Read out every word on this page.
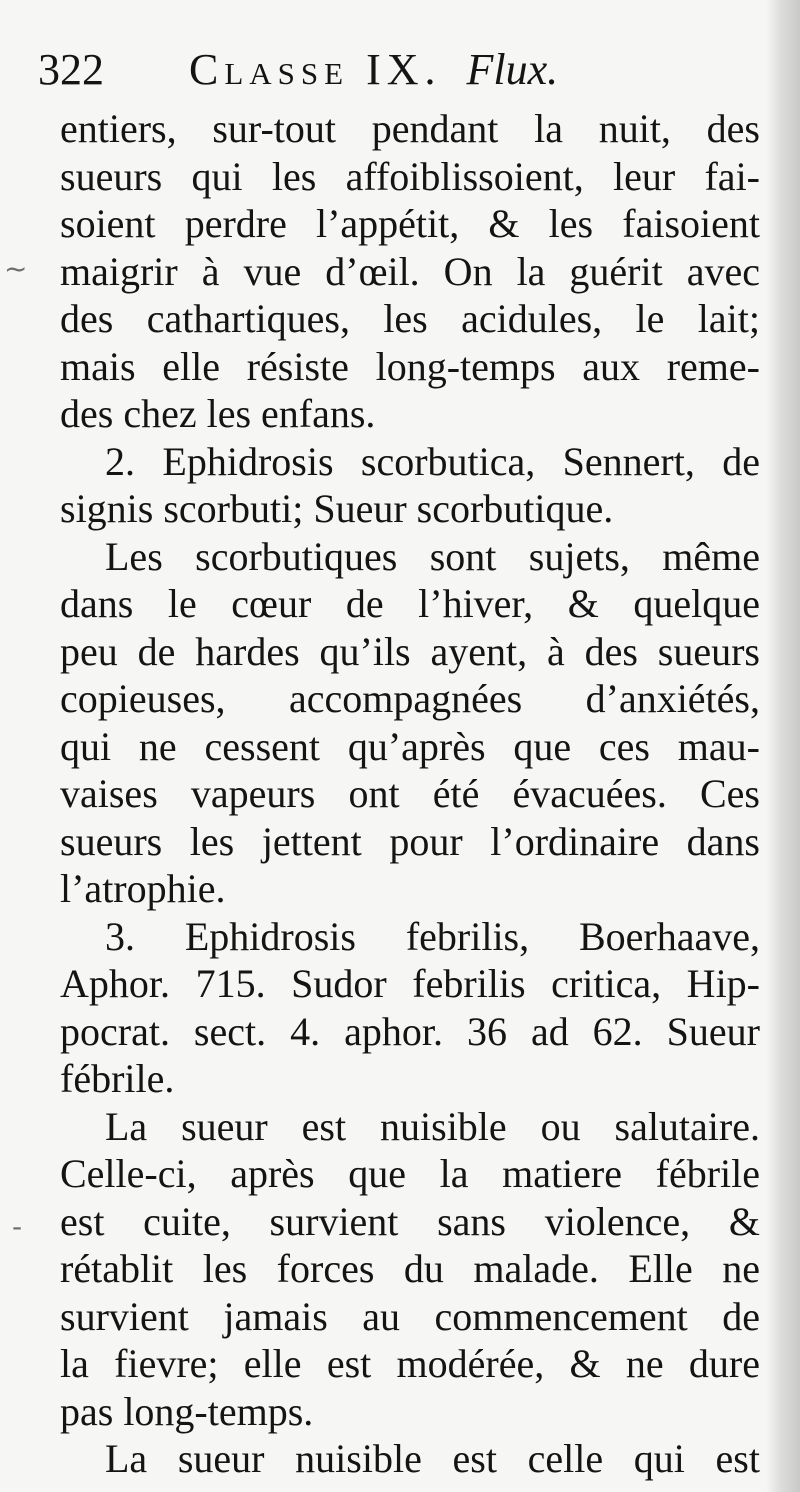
322 Classe IX. Flux.
entiers, sur-tout pendant la nuit, des
sueurs qui les affoiblissoient, leur fai-
soient perdre l’appétit, & les faisoient
maigrir à vue d’œil. On la guérit avec
des cathartiques, les acidules, le lait;
mais elle résiste long-temps aux reme-
des chez les enfans.
2. Ephidrosis scorbutica, Sennert, de
signis scorbuti; Sueur scorbutique.
Les scorbutiques sont sujets, même
dans le cœur de l’hiver, & quelque
peu de hardes qu’ils ayent, à des sueurs
copieuses, accompagnées d’anxiétés,
qui ne cessent qu’après que ces mau-
vaises vapeurs ont été évacuées. Ces
sueurs les jettent pour l’ordinaire dans
l’atrophie.
3. Ephidrosis febrilis, Boerhaave,
Aphor. 715. Sudor febrilis critica, Hip-
pocrat. sect. 4. aphor. 36 ad 62. Sueur
fébrile.
La sueur est nuisible ou salutaire.
Celle-ci, après que la matiere fébrile
est cuite, survient sans violence, &
rétablit les forces du malade. Elle ne
survient jamais au commencement de
la fievre; elle est modérée, & ne dure
pas long-temps.
La sueur nuisible est celle qui est
~
-
